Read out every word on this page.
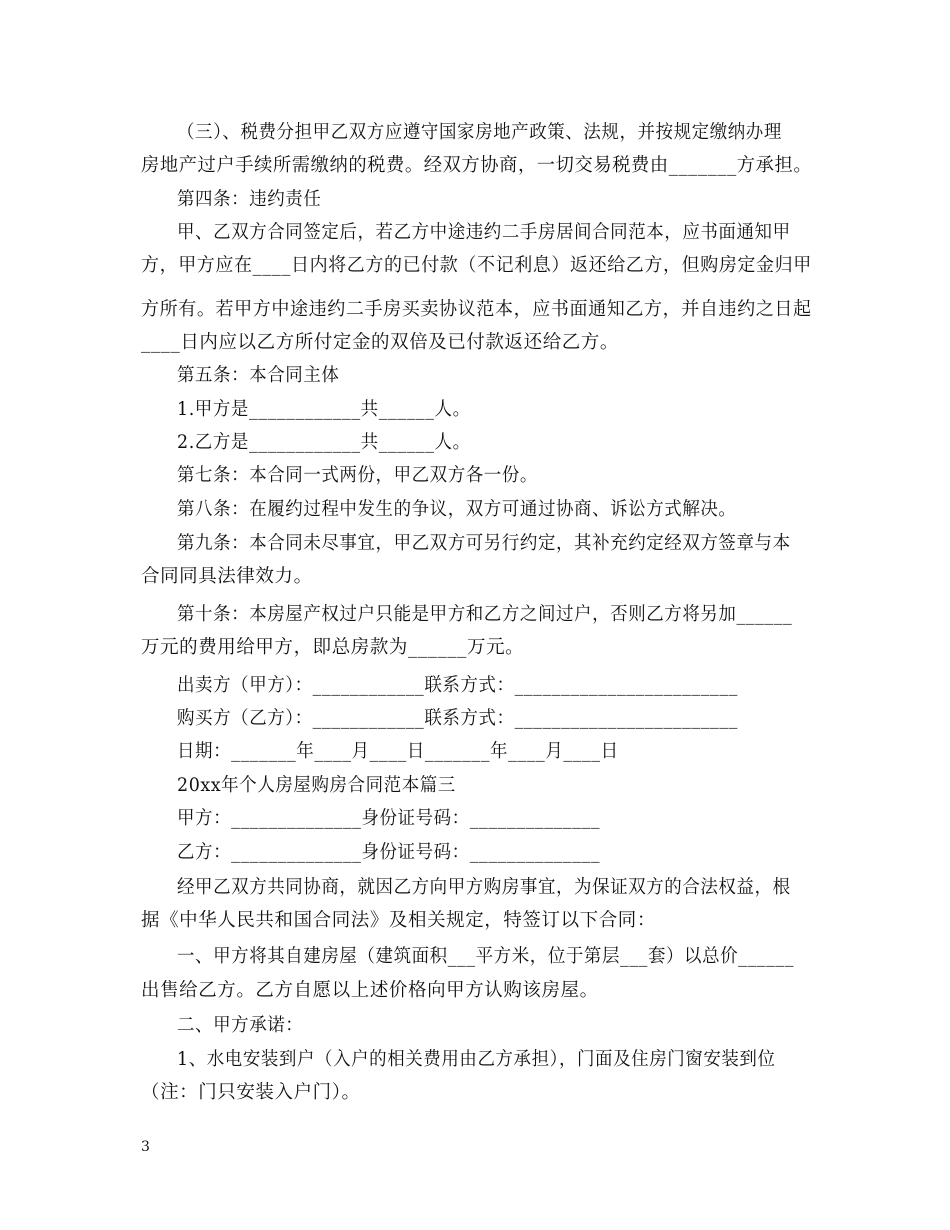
（三）、税费分担甲乙双方应遵守国家房地产政策、法规，并按规定缴纳办理
房地产过户手续所需缴纳的税费。经双方协商，一切交易税费由_______方承担。
第四条：违约责任
甲、乙双方合同签定后，若乙方中途违约二手房居间合同范本，应书面通知甲
方，甲方应在____日内将乙方的已付款（不记利息）返还给乙方，但购房定金归甲
方所有。若甲方中途违约二手房买卖协议范本，应书面通知乙方，并自违约之日起
____日内应以乙方所付定金的双倍及已付款返还给乙方。
第五条：本合同主体
1.甲方是____________共______人。
2.乙方是____________共______人。
第七条：本合同一式两份，甲乙双方各一份。
第八条：在履约过程中发生的争议，双方可通过协商、诉讼方式解决。
第九条：本合同未尽事宜，甲乙双方可另行约定，其补充约定经双方签章与本
合同同具法律效力。
第十条：本房屋产权过户只能是甲方和乙方之间过户，否则乙方将另加______
万元的费用给甲方，即总房款为______万元。
出卖方（甲方）：____________联系方式：________________________
购买方（乙方）：____________联系方式：________________________
日期：_______年____月____日_______年____月____日
20xx年个人房屋购房合同范本篇三
甲方：______________身份证号码：______________
乙方：______________身份证号码：______________
经甲乙双方共同协商，就因乙方向甲方购房事宜，为保证双方的合法权益，根
据《中华人民共和国合同法》及相关规定，特签订以下合同：
一、甲方将其自建房屋（建筑面积___平方米，位于第层___套）以总价______
出售给乙方。乙方自愿以上述价格向甲方认购该房屋。
二、甲方承诺：
1、水电安装到户（入户的相关费用由乙方承担），门面及住房门窗安装到位
（注：门只安装入户门）。
3
